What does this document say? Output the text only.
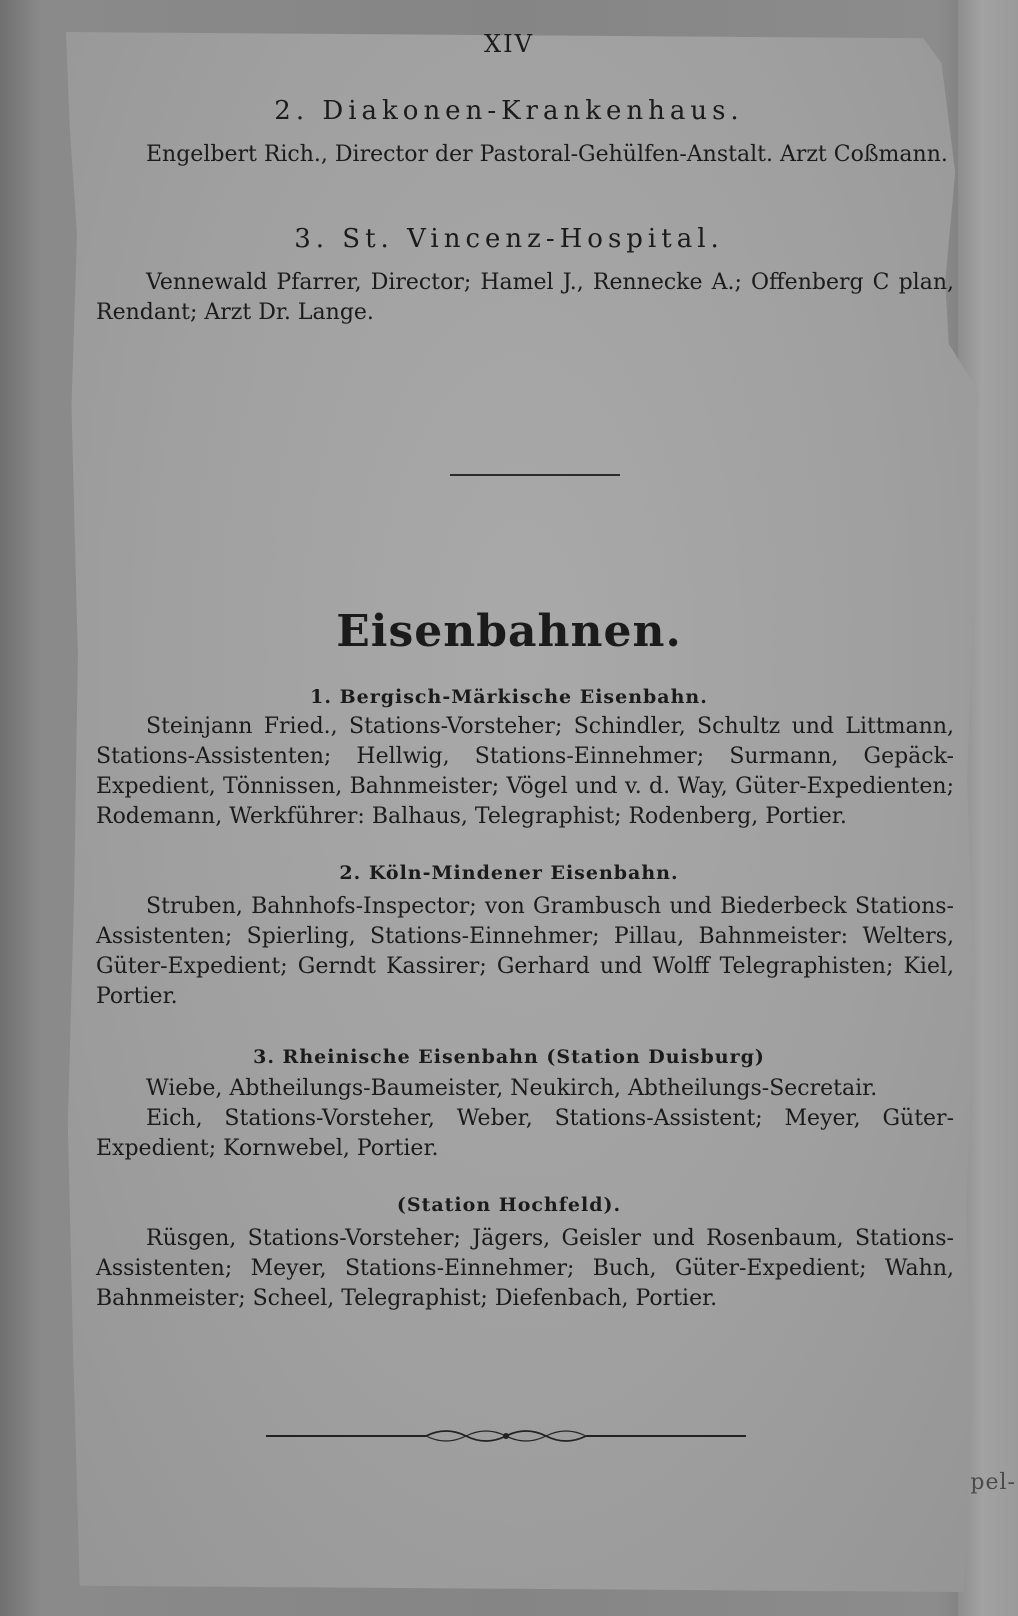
pel-
XIV
2. Diakonen-Krankenhaus.

Engelbert Rich., Director der Pastoral-Gehülfen-Anstalt. Arzt Coßmann.

3. St. Vincenz-Hospital.

Vennewald Pfarrer, Director; Hamel J., Rennecke A.; Offenberg C plan, Rendant; Arzt Dr. Lange.

Eisenbahnen.
1. Bergisch-Märkische Eisenbahn.

Steinjann Fried., Stations-Vorsteher; Schindler, Schultz und Littmann, Stations-Assistenten; Hellwig, Stations-Einnehmer; Surmann, Gepäck-Expedient, Tönnissen, Bahnmeister; Vögel und v. d. Way, Güter-Expedienten; Rodemann, Werkführer: Balhaus, Telegraphist; Rodenberg, Portier.

2. Köln-Mindener Eisenbahn.

Struben, Bahnhofs-Inspector; von Grambusch und Biederbeck Stations-Assistenten; Spierling, Stations-Einnehmer; Pillau, Bahnmeister: Welters, Güter-Expedient; Gerndt Kassirer; Gerhard und Wolff Telegraphisten; Kiel, Portier.

3. Rheinische Eisenbahn (Station Duisburg)

Wiebe, Abtheilungs-Baumeister, Neukirch, Abtheilungs-Secretair.

Eich, Stations-Vorsteher, Weber, Stations-Assistent; Meyer, Güter-Expedient; Kornwebel, Portier.

(Station Hochfeld).

Rüsgen, Stations-Vorsteher; Jägers, Geisler und Rosenbaum, Stations-Assistenten; Meyer, Stations-Einnehmer; Buch, Güter-Expedient; Wahn, Bahnmeister; Scheel, Telegraphist; Diefenbach, Portier.
